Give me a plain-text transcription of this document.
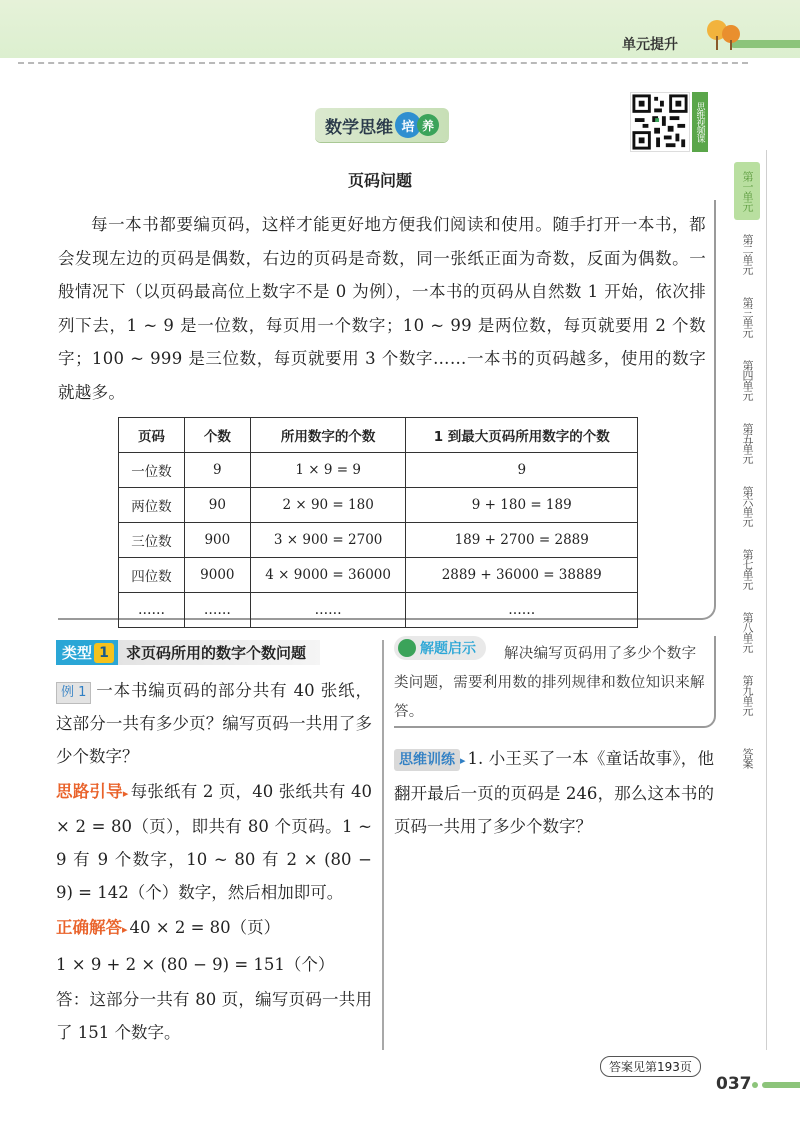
单元提升
第一单元
第二单元
第三单元
第四单元
第五单元
第六单元
第七单元
第八单元
第九单元
答案
数学思维 培 养	思维视频课
页码问题

每一本书都要编页码，这样才能更好地方便我们阅读和使用。随手打开一本书，都会发现左边的页码是偶数，右边的页码是奇数，同一张纸正面为奇数，反面为偶数。一般情况下（以页码最高位上数字不是 0 为例），一本书的页码从自然数 1 开始，依次排列下去，1 ~ 9 是一位数，每页用一个数字；10 ~ 99 是两位数，每页就要用 2 个数字；100 ~ 999 是三位数，每页就要用 3 个数字……一本书的页码越多，使用的数字就越多。

页码	个数	所用数字的个数	1 到最大页码所用数字的个数
一位数	9	1 × 9 = 9	9
两位数	90	2 × 90 = 180	9 + 180 = 189
三位数	900	3 × 900 = 2700	189 + 2700 = 2889
四位数	9000	4 × 9000 = 36000	2889 + 36000 = 38889
……	……	……	……
类型 1	求页码所用的数字个数问题

例 1 一本书编页码的部分共有 40 张纸，这部分一共有多少页？编写页码一共用了多少个数字？

思路引导▸ 每张纸有 2 页，40 张纸共有 40 × 2 = 80（页），即共有 80 个页码。1 ~ 9 有 9 个数字，10 ~ 80 有 2 × (80 − 9) = 142（个）数字，然后相加即可。

正确解答▸ 40 × 2 = 80（页）

1 × 9 + 2 × (80 − 9) = 151（个）

答：这部分一共有 80 页，编写页码一共用了 151 个数字。

解决编写页码用了多少个数字类问题，需要利用数的排列规律和数位知识来解答。

解题启示
思维训练 ▸ 1. 小王买了一本《童话故事》，他翻开最后一页的页码是 246，那么这本书的页码一共用了多少个数字？
答案见第193页
037
